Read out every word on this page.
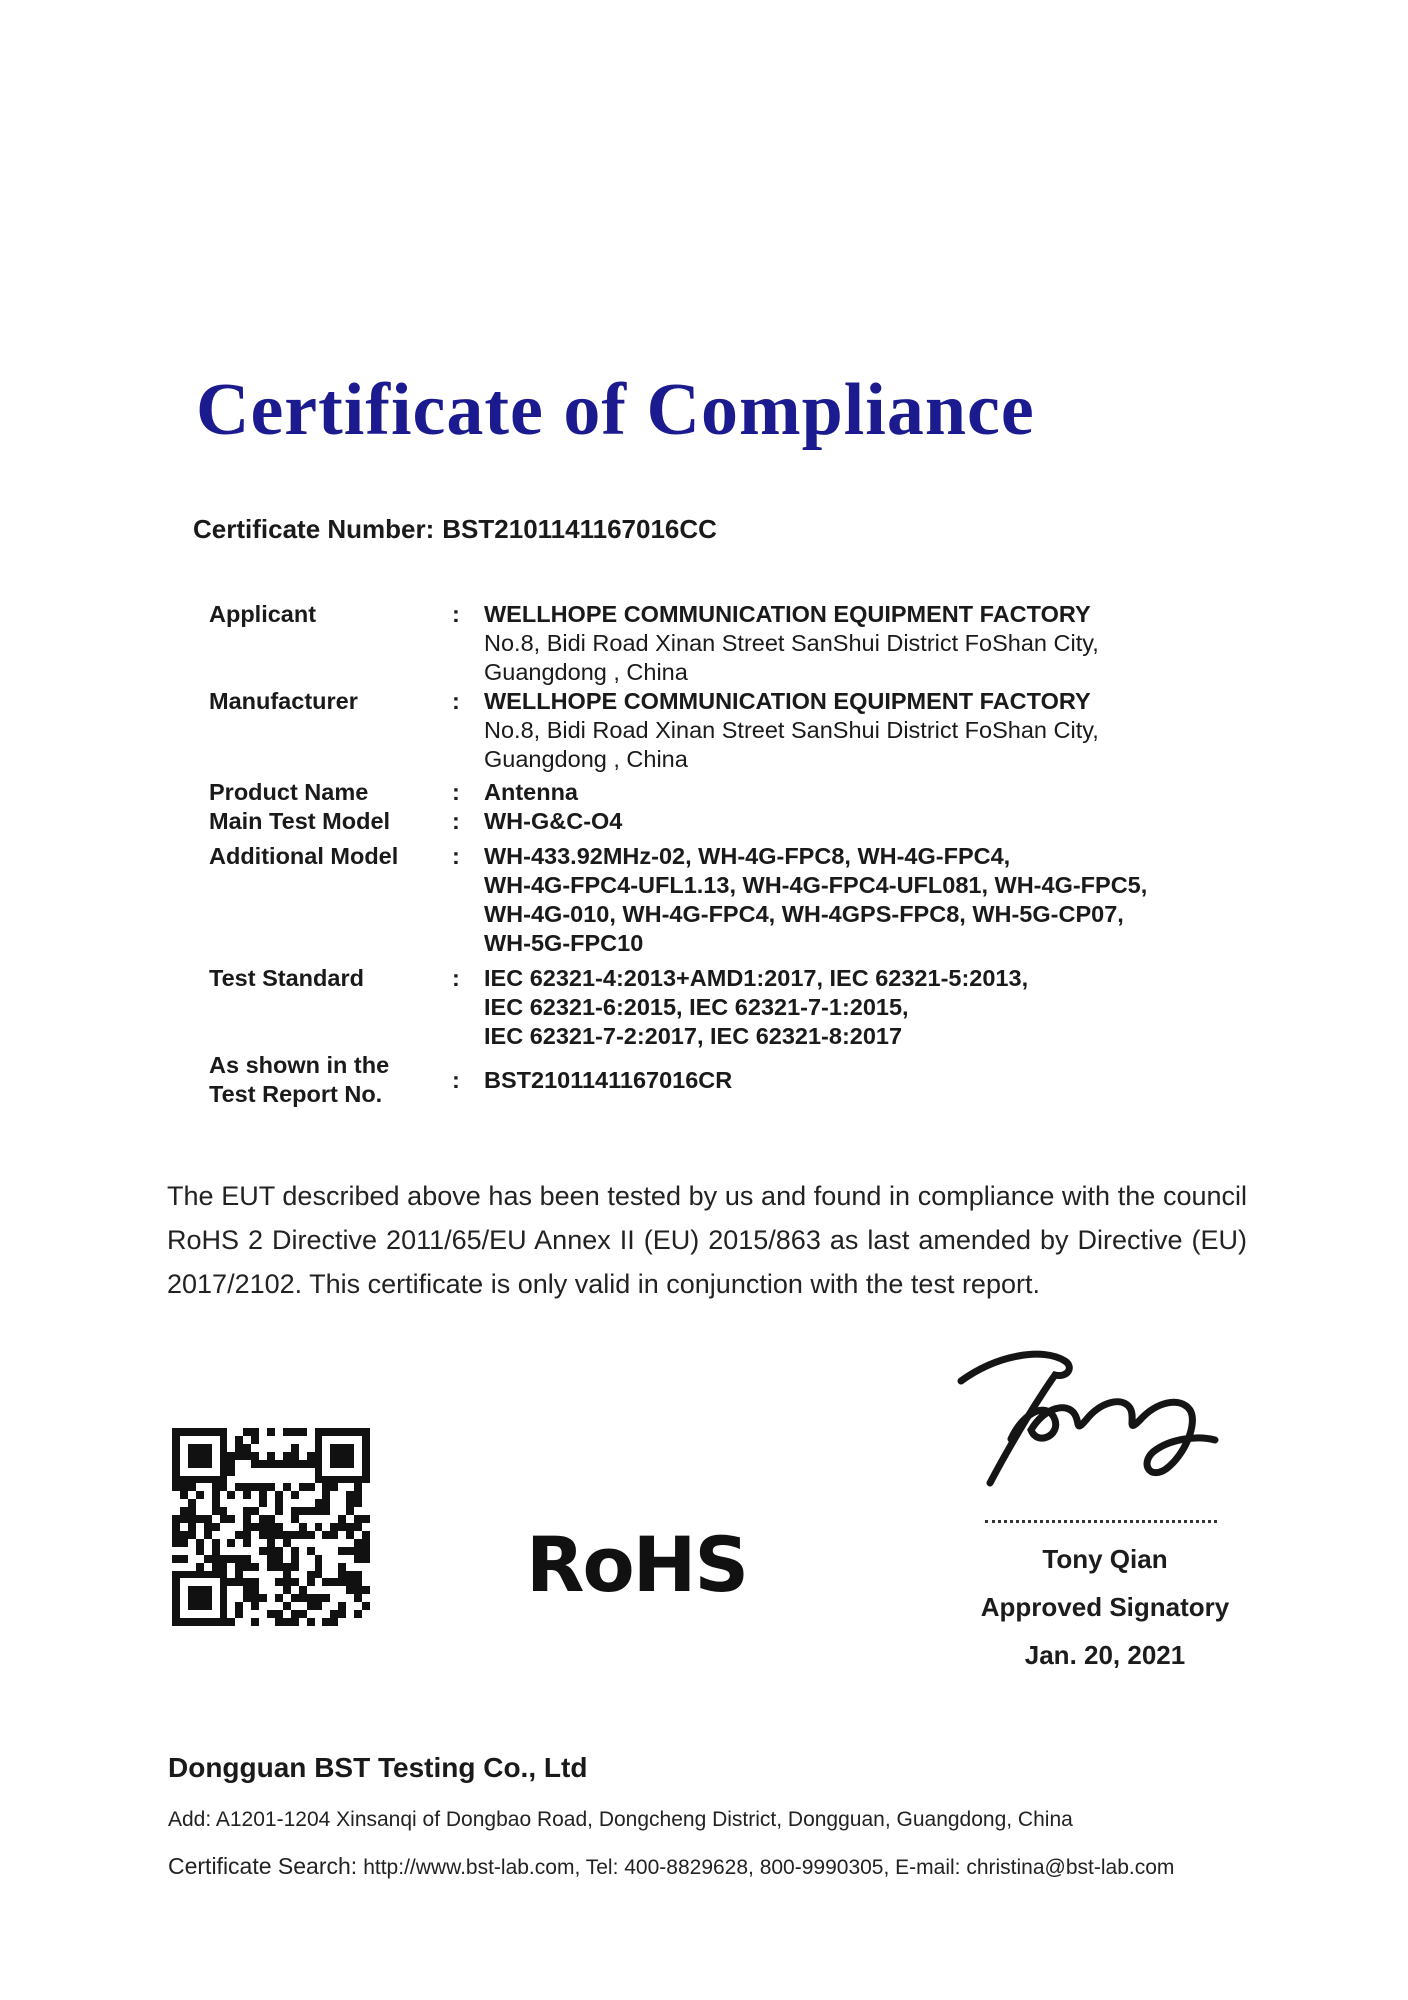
Certificate of Compliance
Certificate Number: BST2101141167016CC
Applicant	:	WELLHOPE COMMUNICATION EQUIPMENT FACTORY
No.8, Bidi Road Xinan Street SanShui District FoShan City,
Guangdong , China
Manufacturer	:	WELLHOPE COMMUNICATION EQUIPMENT FACTORY
No.8, Bidi Road Xinan Street SanShui District FoShan City,
Guangdong , China
Product Name	:	Antenna
Main Test Model	:	WH-G&C-O4
Additional Model	:	WH-433.92MHz-02, WH-4G-FPC8, WH-4G-FPC4,
WH-4G-FPC4-UFL1.13, WH-4G-FPC4-UFL081, WH-4G-FPC5,
WH-4G-010, WH-4G-FPC4, WH-4GPS-FPC8, WH-5G-CP07,
WH-5G-FPC10
Test Standard	:	IEC 62321-4:2013+AMD1:2017, IEC 62321-5:2013,
IEC 62321-6:2015, IEC 62321-7-1:2015,
IEC 62321-7-2:2017, IEC 62321-8:2017
As shown in the
Test Report No.
:	BST2101141167016CR

The EUT described above has been tested by us and found in compliance with the council RoHS 2 Directive 2011/65/EU Annex II (EU) 2015/863 as last amended by Directive (EU) 2017/2102. This certificate is only valid in conjunction with the test report.

RoHS	Tony Qian
Approved Signatory
Jan. 20, 2021
Dongguan BST Testing Co., Ltd
Add: A1201-1204 Xinsanqi of Dongbao Road, Dongcheng District, Dongguan, Guangdong, China
Certificate Search: http://www.bst-lab.com, Tel: 400-8829628, 800-9990305, E-mail: christina@bst-lab.com
